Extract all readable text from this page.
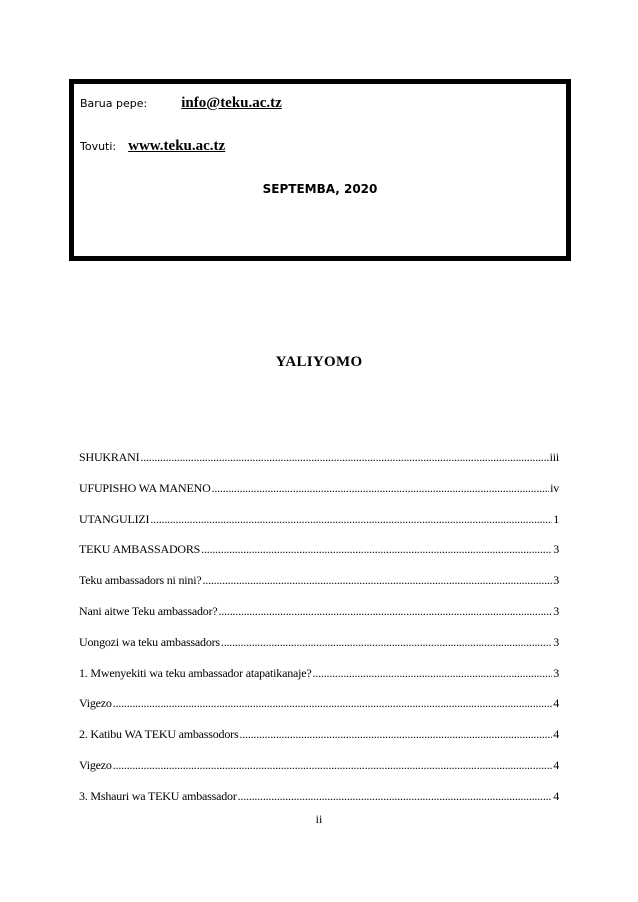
Barua pepe: info@teku.ac.tz
Tovuti: www.teku.ac.tz
SEPTEMBA, 2020
YALIYOMO
SHUKRANI .....	iii
UFUPISHO WA MANENO .....	iv
UTANGULIZI .....	1
TEKU AMBASSADORS .....	3
Teku ambassadors ni nini? .....	3
Nani aitwe Teku ambassador? .....	3
Uongozi wa teku ambassadors .....	3
1. Mwenyekiti wa teku ambassador atapatikanaje? .....	3
Vigezo .....	4
2. Katibu WA TEKU ambassodors .....	4
Vigezo .....	4
3. Mshauri wa TEKU ambassador .....	4
ii
